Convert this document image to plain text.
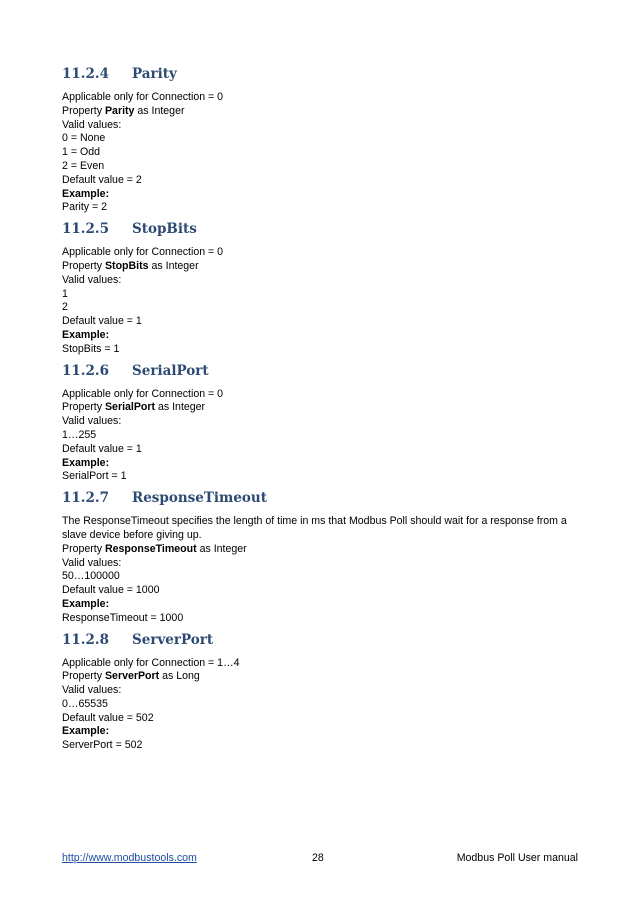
11.2.4	Parity
Applicable only for Connection = 0
Property Parity as Integer
Valid values:
0 = None
1 = Odd
2 = Even
Default value = 2
Example:
Parity = 2
11.2.5	StopBits
Applicable only for Connection = 0
Property StopBits as Integer
Valid values:
1
2
Default value = 1
Example:
StopBits = 1
11.2.6	SerialPort
Applicable only for Connection = 0
Property SerialPort as Integer
Valid values:
1…255
Default value = 1
Example:
SerialPort = 1
11.2.7	ResponseTimeout
The ResponseTimeout specifies the length of time in ms that Modbus Poll should wait for a response from a slave device before giving up.
Property ResponseTimeout as Integer
Valid values:
50…100000
Default value = 1000
Example:
ResponseTimeout = 1000
11.2.8	ServerPort
Applicable only for Connection = 1…4
Property ServerPort as Long
Valid values:
0…65535
Default value = 502
Example:
ServerPort = 502
http://www.modbustools.com	28	Modbus Poll User manual
